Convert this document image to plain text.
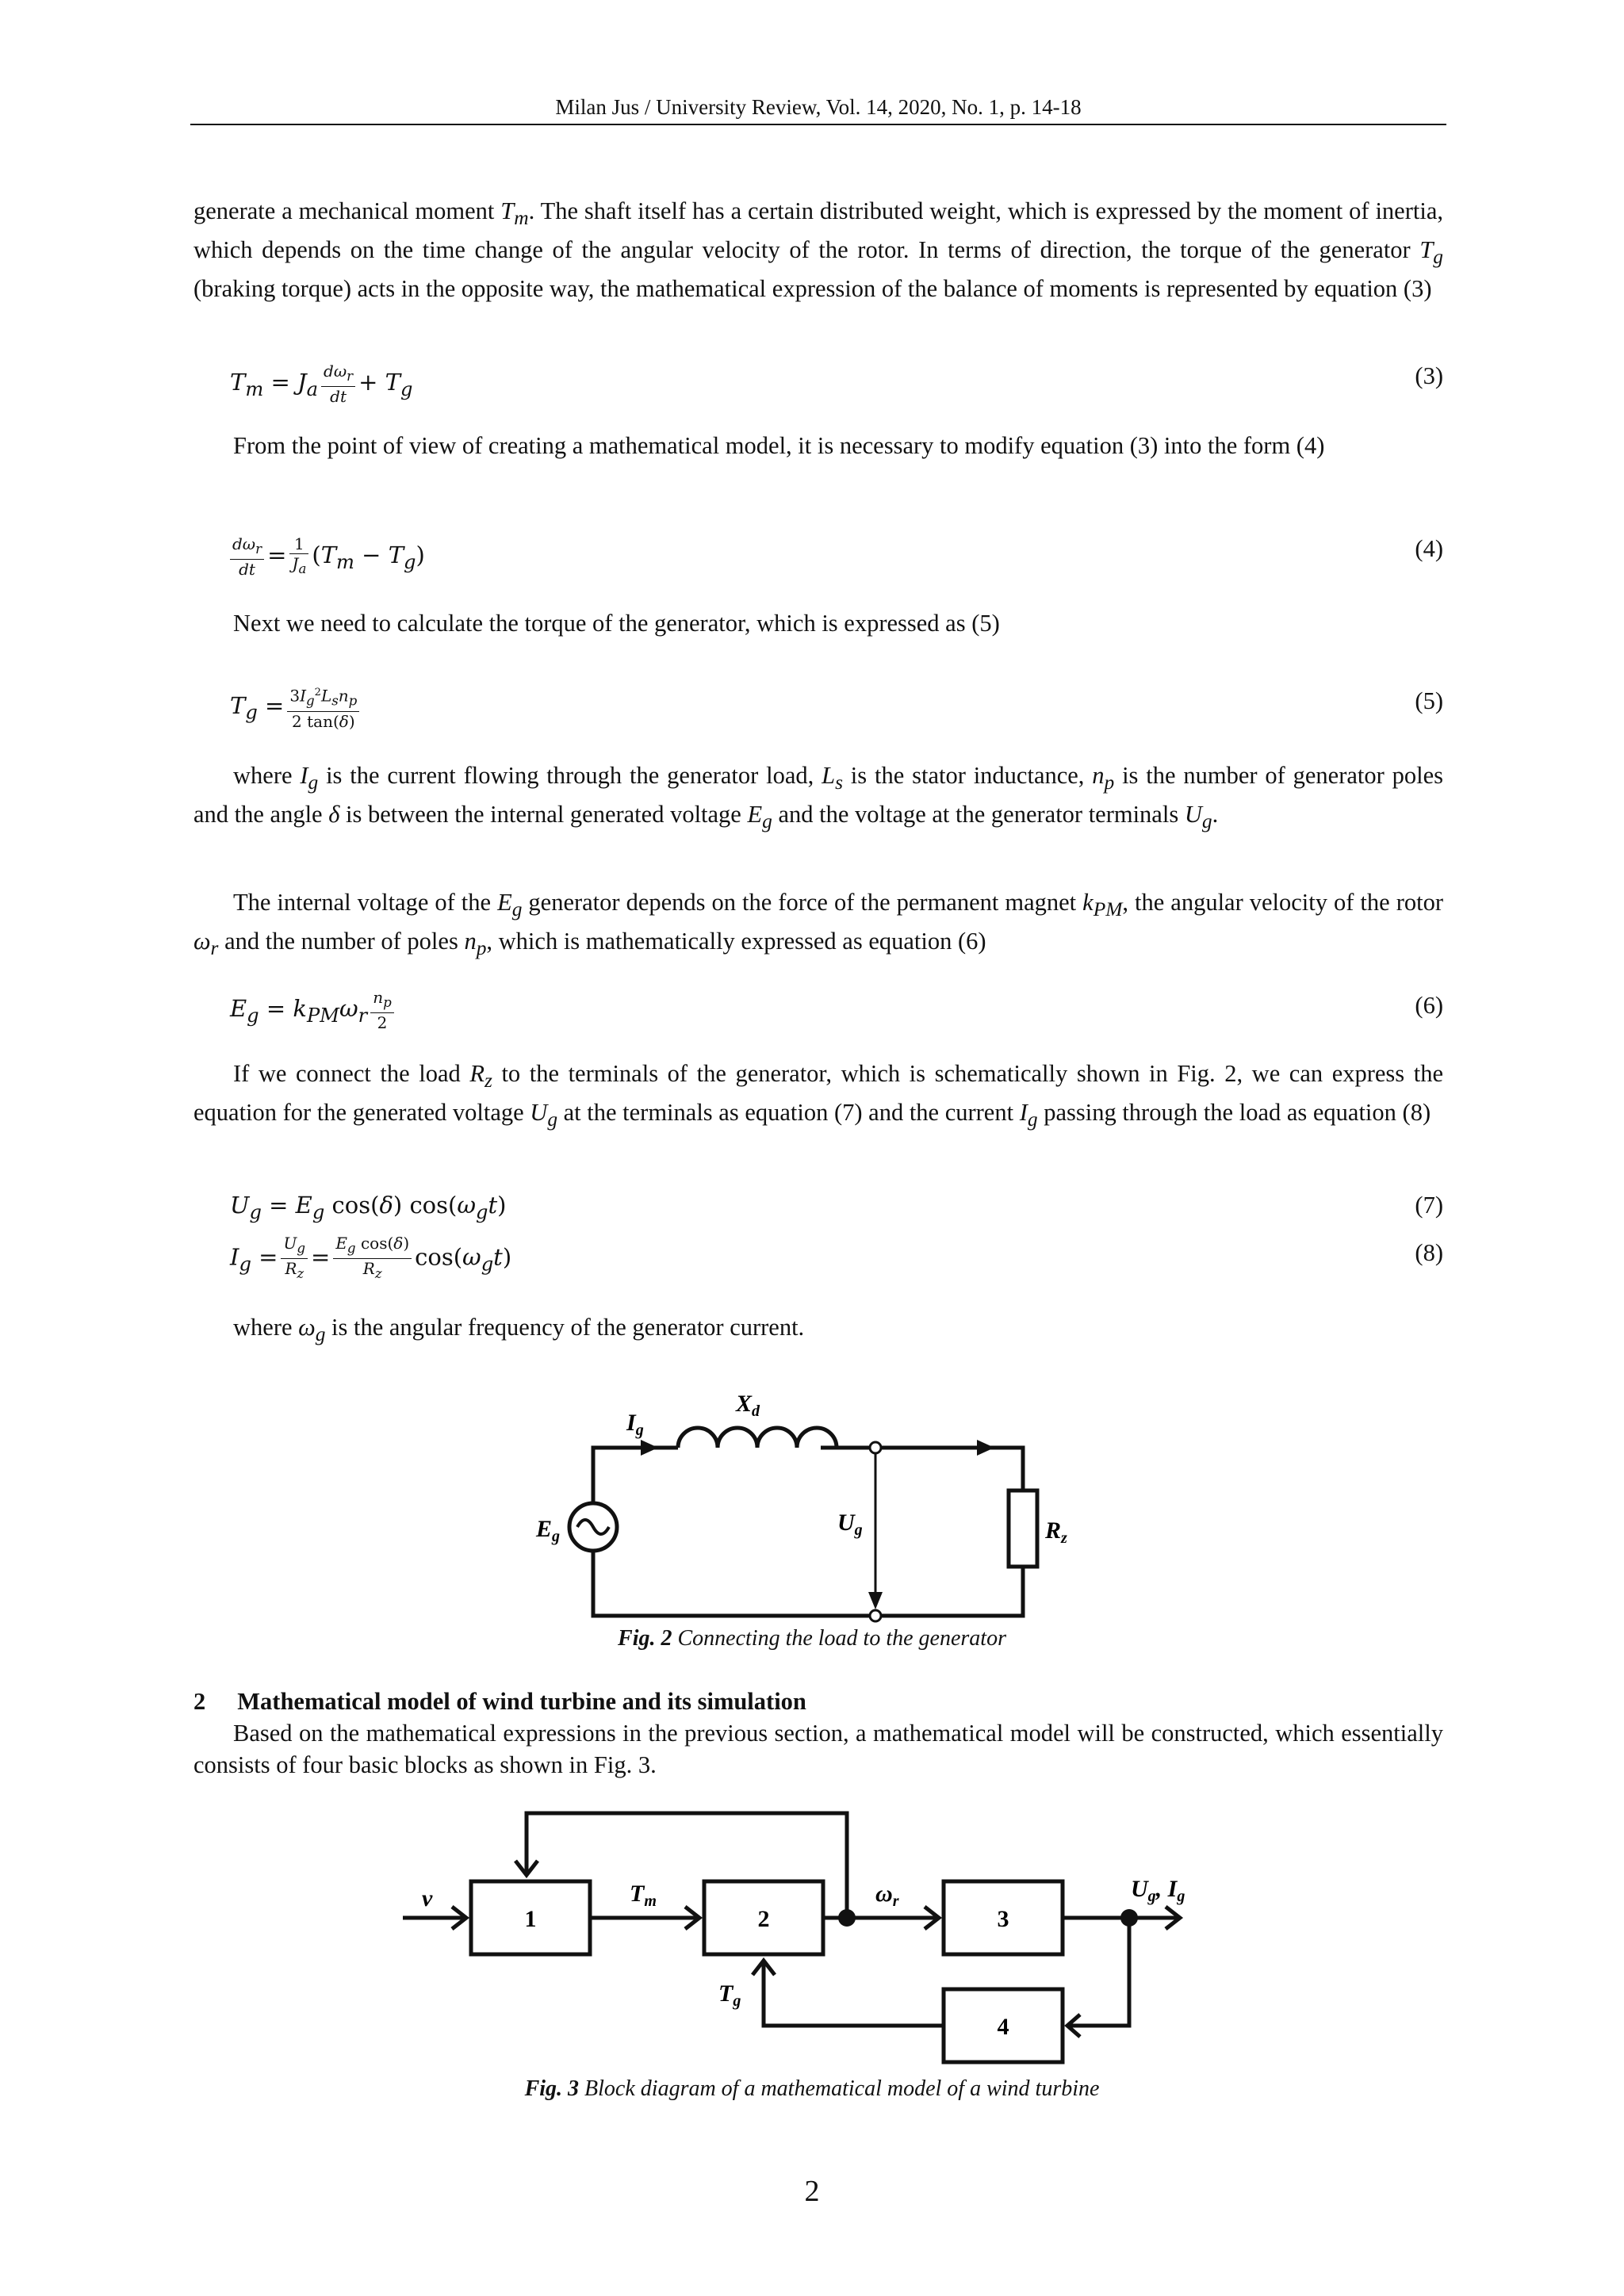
Milan Jus / University Review, Vol. 14, 2020, No. 1, p. 14-18

generate a mechanical moment $T_m$. The shaft itself has a certain distributed weight, which is expressed by the moment of inertia, which depends on the time change of the angular velocity of the rotor. In terms of direction, the torque of the generator $T_g$ (braking torque) acts in the opposite way, the mathematical expression of the balance of moments is represented by equation (3)

$T_m = J_a \frac{d\omega_r}{dt} + T_g$	(3)

From the point of view of creating a mathematical model, it is necessary to modify equation (3) into the form (4)

$\frac{d\omega_r}{dt} = \frac{1}{J_a} (T_m - T_g)$	(4)

Next we need to calculate the torque of the generator, which is expressed as (5)

$T_g = \frac{3I_g^2L_sn_p}{2 \tan(\delta)}$	(5)

where $I_g$ is the current flowing through the generator load, $L_s$ is the stator inductance, $n_p$ is the number of generator poles and the angle δ is between the internal generated voltage $E_g$ and the voltage at the generator terminals $U_g$.

The internal voltage of the $E_g$ generator depends on the force of the permanent magnet $k_{PM}$, the angular velocity of the rotor $\omega_r$ and the number of poles $n_p$, which is mathematically expressed as equation (6)

$E_g = k_{PM}\omega_r \frac{n_p}{2}$	(6)

If we connect the load $R_z$ to the terminals of the generator, which is schematically shown in Fig. 2, we can express the equation for the generated voltage $U_g$ at the terminals as equation (7) and the current $I_g$ passing through the load as equation (8)

$U_g = E_g$ cos(δ) $\cos(\omega_gt)$	(7)
$I_g = \frac{U_g}{R_z} = \frac{E_g \cos(\delta)}{R_z} \cos(\omega_gt)$	(8)

where $\omega_g$ is the angular frequency of the generator current.

$I_g$
$X_d$
$E_g$
$U_g$	$R_z$
Fig. 2 Connecting the load to the generator
2 Mathematical model of wind turbine and its simulation

Based on the mathematical expressions in the previous section, a mathematical model will be constructed, which essentially consists of four basic blocks as shown in Fig. 3.

1	2	3
4
v	$T_m$	$\omega_r$
$T_g$
$U_g$, $I_g$
Fig. 3 Block diagram of a mathematical model of a wind turbine
2
